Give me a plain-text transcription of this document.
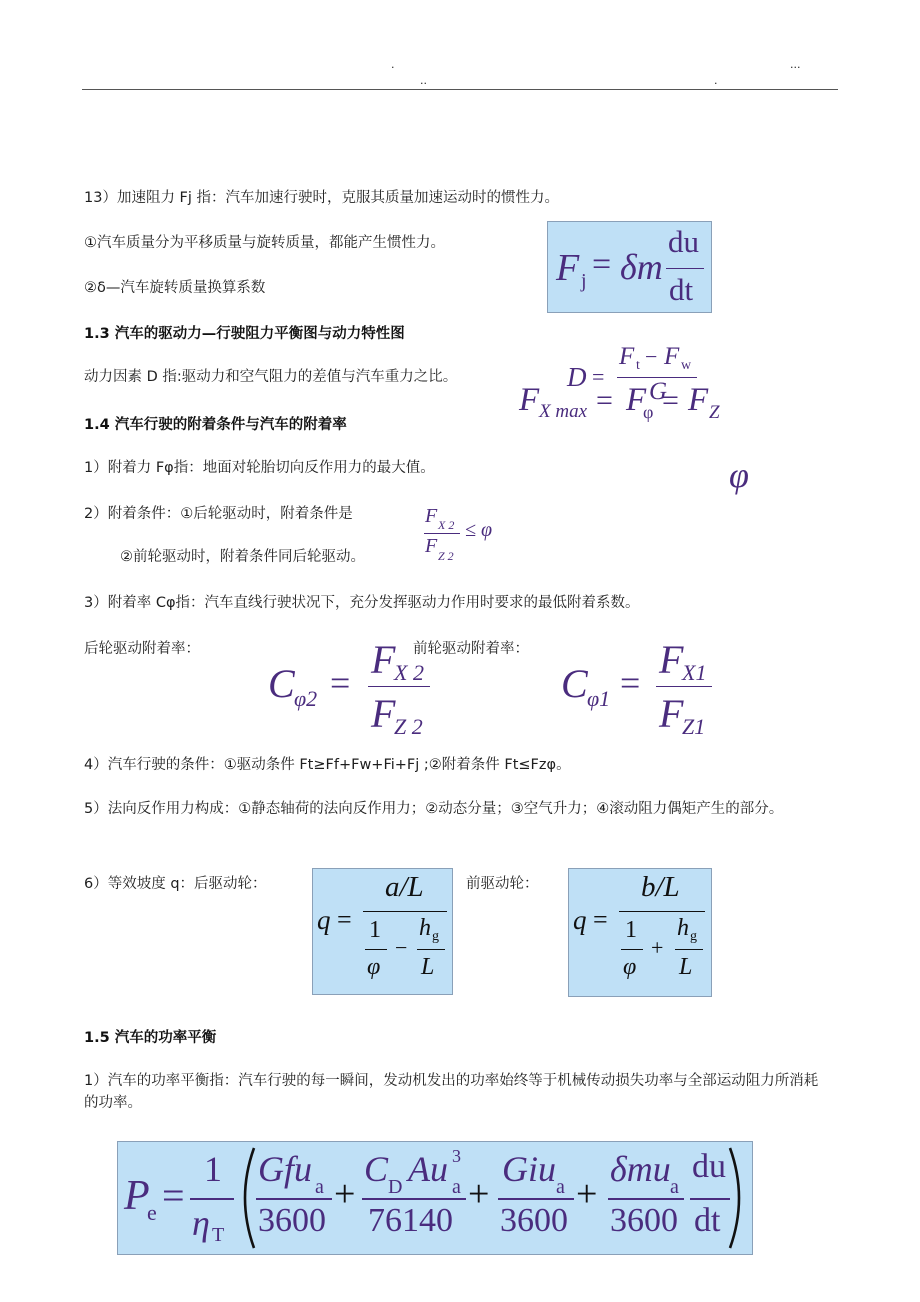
.
..	.
...
13）加速阻力 Fj 指：汽车加速行驶时，克服其质量加速运动时的惯性力。
①汽车质量分为平移质量与旋转质量，都能产生惯性力。
②δ—汽车旋转质量换算系数	F j = δm
du
dt
1.3 汽车的驱动力—行驶阻力平衡图与动力特性图
动力因素 D 指:驱动力和空气阻力的差值与汽车重力之比。	D =
F t − F w
G
F X max = F
φ = F Z
1.4 汽车行驶的附着条件与汽车的附着率
1）附着力 Fφ指：地面对轮胎切向反作用力的最大值。	φ
2）附着条件：①后轮驱动时，附着条件是
②前轮驱动时，附着条件同后轮驱动。
F X 2
F Z 2
≤ φ
3）附着率 Cφ指：汽车直线行驶状况下，充分发挥驱动力作用时要求的最低附着系数。
后轮驱动附着率：	前轮驱动附着率：
C φ2 =
F
X 2
F
Z 2
C φ1 =
F
X1
F
Z1
4）汽车行驶的条件：①驱动条件 Ft≥Ff+Fw+Fi+Fj ;②附着条件 Ft≤Fzφ。
5）法向反作用力构成：①静态轴荷的法向反作用力；②动态分量；③空气升力；④滚动阻力偶矩产生的部分。
6）等效坡度 q：后驱动轮：	前驱动轮：
q =
a/L
1
φ
−
h g
L
q =
b/L
1
φ
+
h g
L
1.5 汽车的功率平衡
1）汽车的功率平衡指：汽车行驶的每一瞬间，发动机发出的功率始终等于机械传动损失功率与全部运动阻力所消耗的功率。
P
e =
1
η T
Gfu a
3600
+
C D Au 3
a
76140
+
Giu a
3600
+
δmu a
3600
du
dt
